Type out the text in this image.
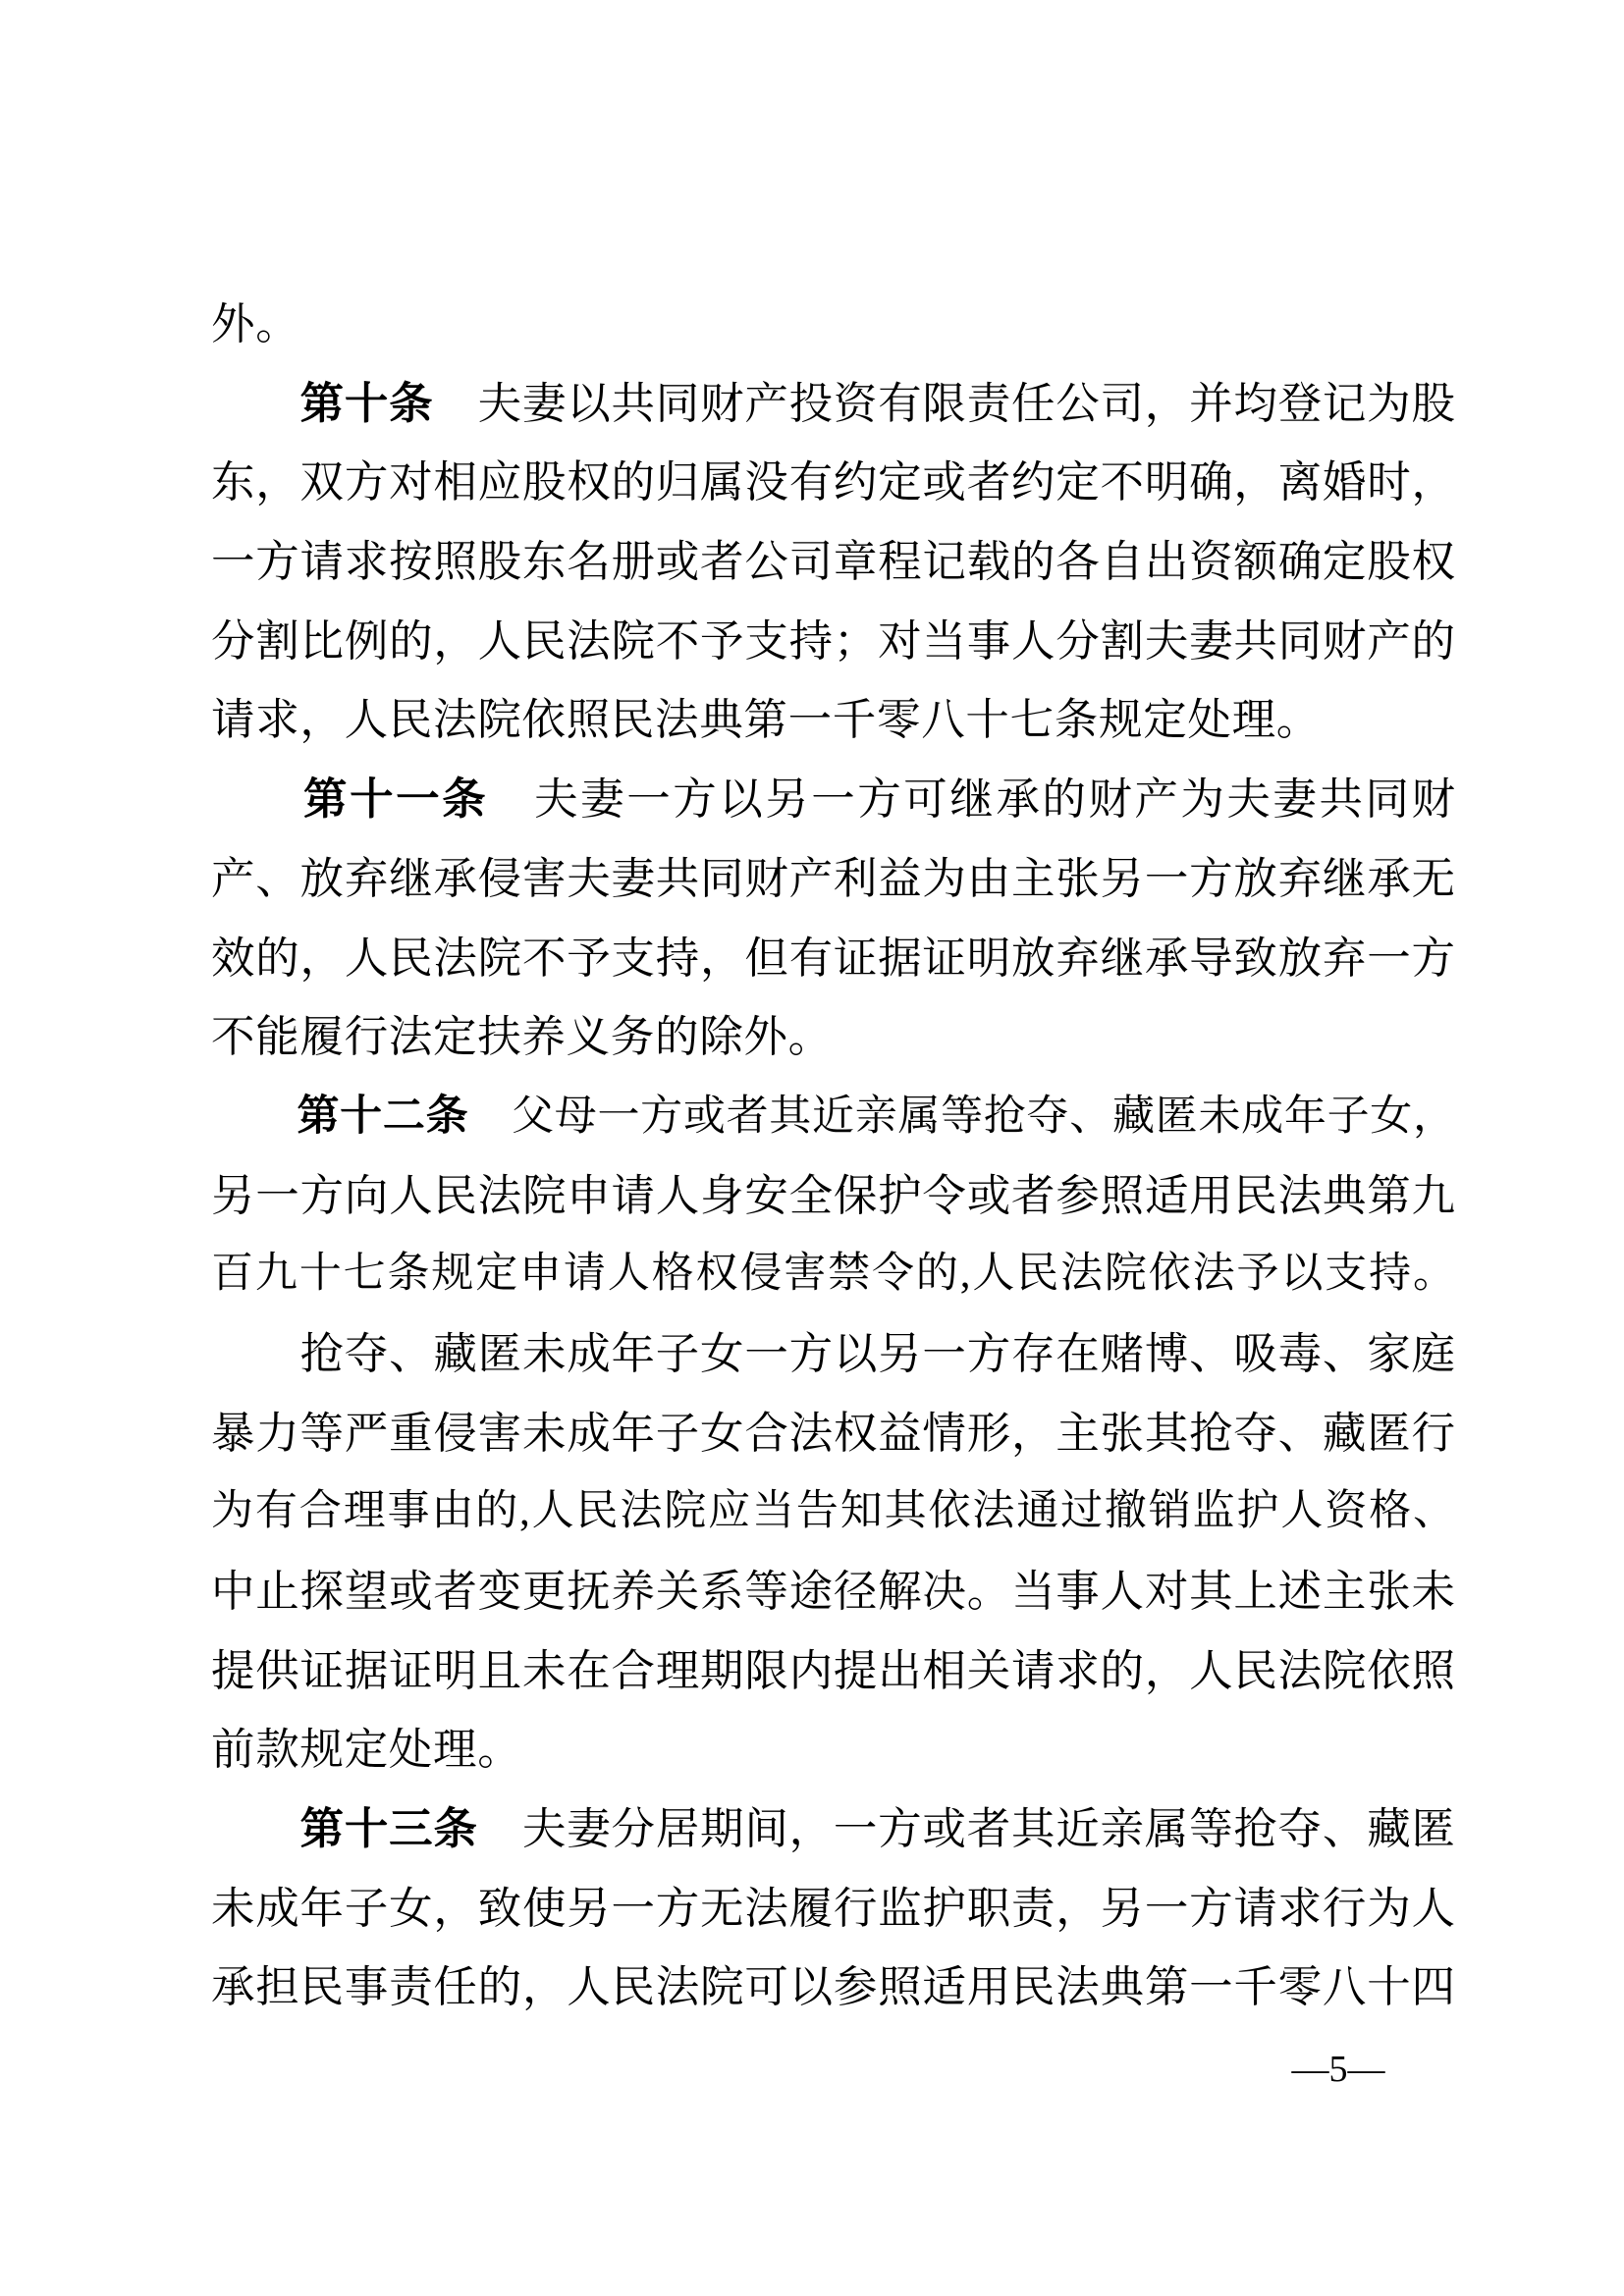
外。
　　第十条　 夫妻以共同财产投资有限责任公司，并均登记为股
东，双方对相应股权的归属没有约定或者约定不明确，离婚时，
一方请求按照股东名册或者公司章程记载的各自出资额确定股权
分割比例的，人民法院不予支持；对当事人分割夫妻共同财产的
请求，人民法院依照民法典第一千零八十七条规定处理。
　　第十一条　 夫妻一方以另一方可继承的财产为夫妻共同财
产、放弃继承侵害夫妻共同财产利益为由主张另一方放弃继承无
效的，人民法院不予支持，但有证据证明放弃继承导致放弃一方
不能履行法定扶养义务的除外。
　　第十二条　 父母一方或者其近亲属等抢夺、藏匿未成年子女，
另一方向人民法院申请人身安全保护令或者参照适用民法典第九
百九十七条规定申请人格权侵害禁令的,人民法院依法予以支持。
　　抢夺、藏匿未成年子女一方以另一方存在赌博、吸毒、家庭
暴力等严重侵害未成年子女合法权益情形，主张其抢夺、藏匿行
为有合理事由的,人民法院应当告知其依法通过撤销监护人资格、
中止探望或者变更抚养关系等途径解决。当事人对其上述主张未
提供证据证明且未在合理期限内提出相关请求的，人民法院依照
前款规定处理。
　　第十三条　 夫妻分居期间，一方或者其近亲属等抢夺、藏匿
未成年子女，致使另一方无法履行监护职责，另一方请求行为人
承担民事责任的，人民法院可以参照适用民法典第一千零八十四
—5—
